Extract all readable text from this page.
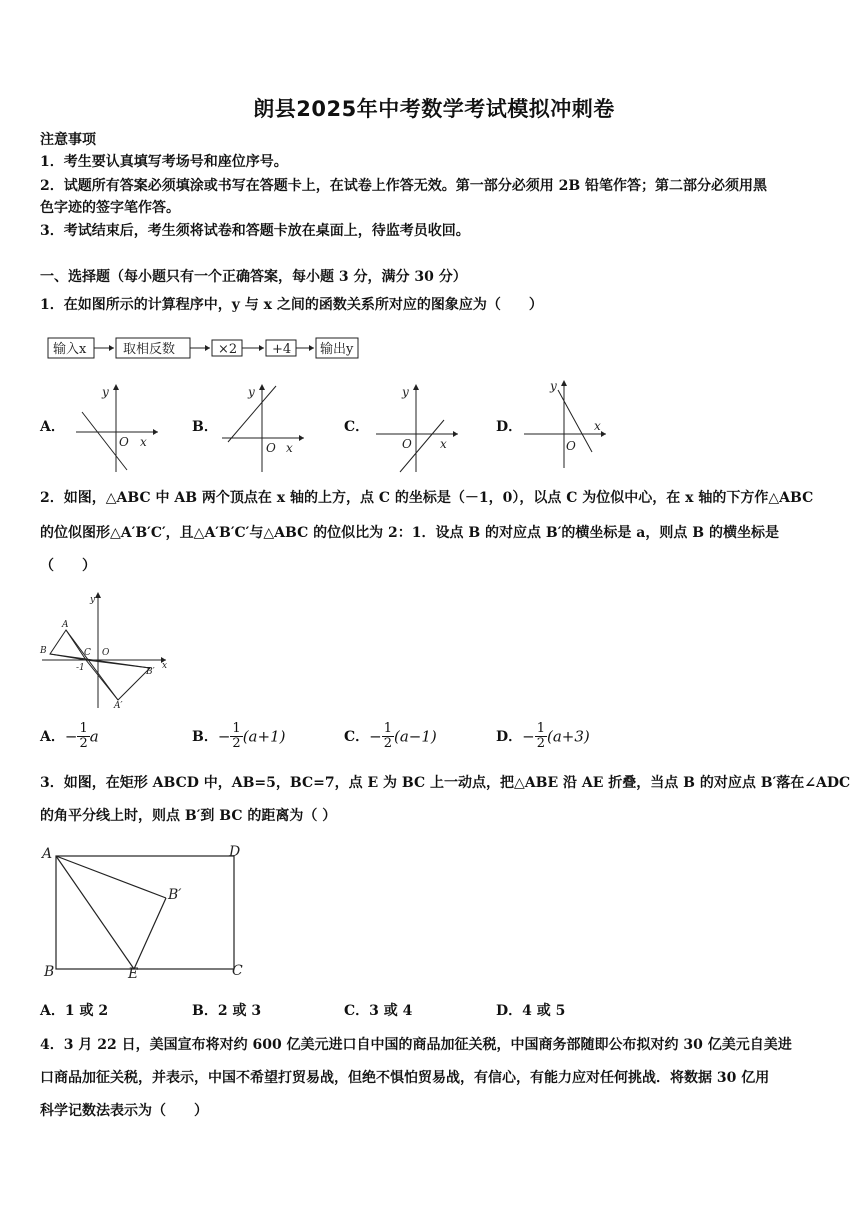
朗县2025年中考数学考试模拟冲刺卷
注意事项
1．考生要认真填写考场号和座位序号。
2．试题所有答案必须填涂或书写在答题卡上，在试卷上作答无效。第一部分必须用 2B 铅笔作答；第二部分必须用黑
色字迹的签字笔作答。
3．考试结束后，考生须将试卷和答题卡放在桌面上，待监考员收回。
一、选择题（每小题只有一个正确答案，每小题 3 分，满分 30 分）
1．在如图所示的计算程序中，y 与 x 之间的函数关系所对应的图象应为（　　）
输入x	取相反数	×2	+4 输出y
A．
y
x
O
B．
y
x
O
C．
y
x
O
D．
y
x
O
2．如图，△ABC 中 AB 两个顶点在 x 轴的上方，点 C 的坐标是（－1，0），以点 C 为位似中心，在 x 轴的下方作△ABC
的位似图形△A′B′C′，且△A′B′C′与△ABC 的位似比为 2：1．设点 B 的对应点 B′的横坐标是 a，则点 B 的横坐标是
（　　）
A
B	C O
B′
A′
y
x
-1
A．− $\frac{1}{2}$ a	B．− $\frac{1}{2} (a+1)$	C．− $\frac{1}{2} (a-1)$	D．− $\frac{1}{2} (a+3)$
3．如图，在矩形 ABCD 中，AB=5，BC=7，点 E 为 BC 上一动点，把△ABE 沿 AE 折叠，当点 B 的对应点 B′落在∠ADC
的角平分线上时，则点 B′到 BC 的距离为（ ）
A	D
B′
B	E	C
A．1 或 2	B．2 或 3	C．3 或 4	D．4 或 5
4．3 月 22 日，美国宣布将对约 600 亿美元进口自中国的商品加征关税，中国商务部随即公布拟对约 30 亿美元自美进
口商品加征关税，并表示，中国不希望打贸易战，但绝不惧怕贸易战，有信心，有能力应对任何挑战．将数据 30 亿用
科学记数法表示为（　　）
